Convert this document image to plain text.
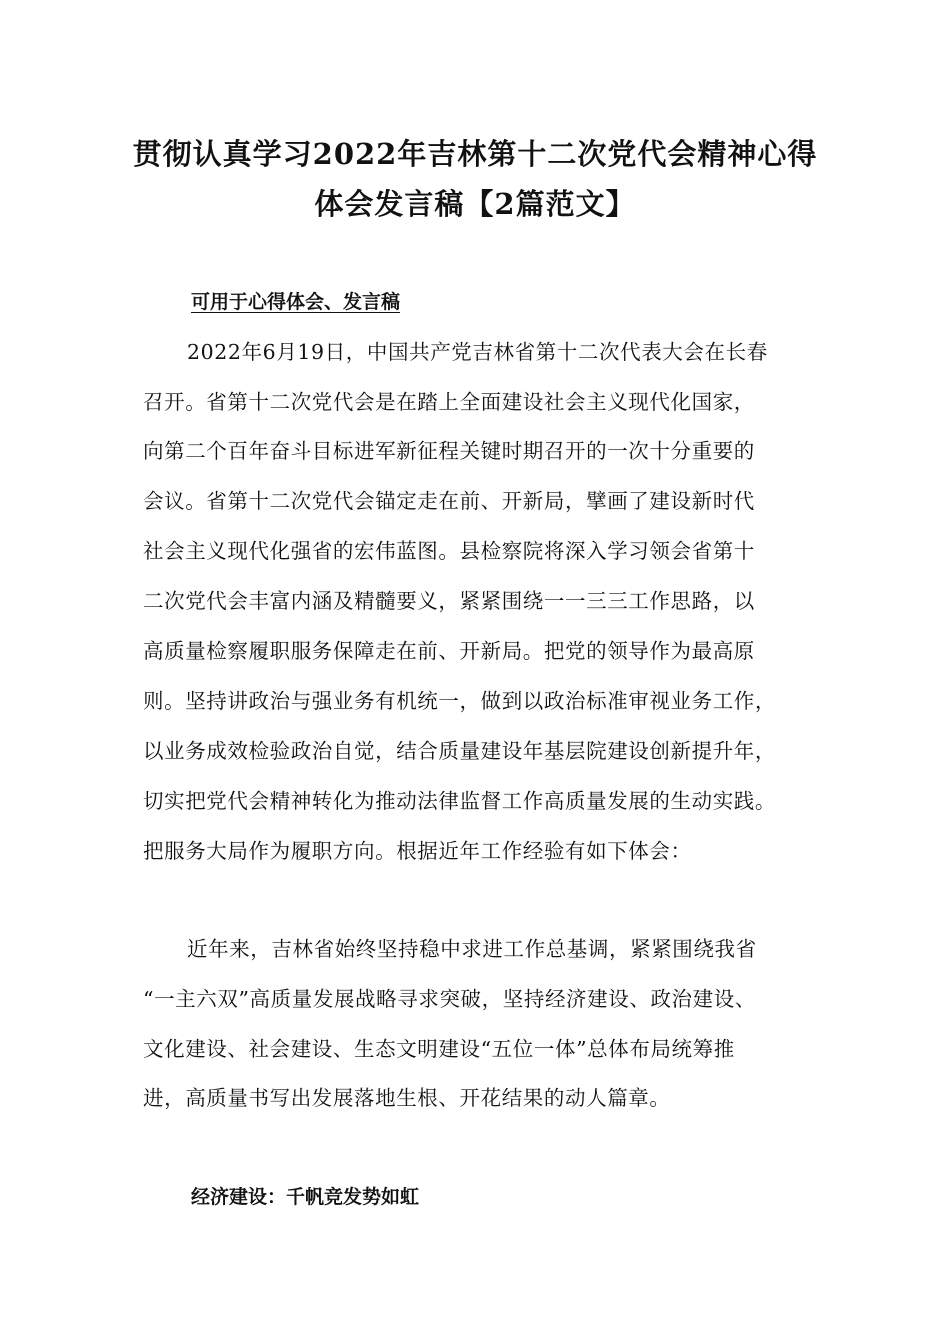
贯彻认真学习2022年吉林第十二次党代会精神心得
体会发言稿【2篇范文】
可用于心得体会、发言稿
2022年6月19日，中国共产党吉林省第十二次代表大会在长春
召开。省第十二次党代会是在踏上全面建设社会主义现代化国家，
向第二个百年奋斗目标进军新征程关键时期召开的一次十分重要的
会议。省第十二次党代会锚定走在前、开新局，擘画了建设新时代
社会主义现代化强省的宏伟蓝图。县检察院将深入学习领会省第十
二次党代会丰富内涵及精髓要义，紧紧围绕一一三三工作思路，以
高质量检察履职服务保障走在前、开新局。把党的领导作为最高原
则。坚持讲政治与强业务有机统一，做到以政治标准审视业务工作，
以业务成效检验政治自觉，结合质量建设年基层院建设创新提升年，
切实把党代会精神转化为推动法律监督工作高质量发展的生动实践。
把服务大局作为履职方向。根据近年工作经验有如下体会：
近年来，吉林省始终坚持稳中求进工作总基调，紧紧围绕我省
“一主六双”高质量发展战略寻求突破，坚持经济建设、政治建设、
文化建设、社会建设、生态文明建设“五位一体”总体布局统筹推
进，高质量书写出发展落地生根、开花结果的动人篇章。
经济建设：千帆竞发势如虹
